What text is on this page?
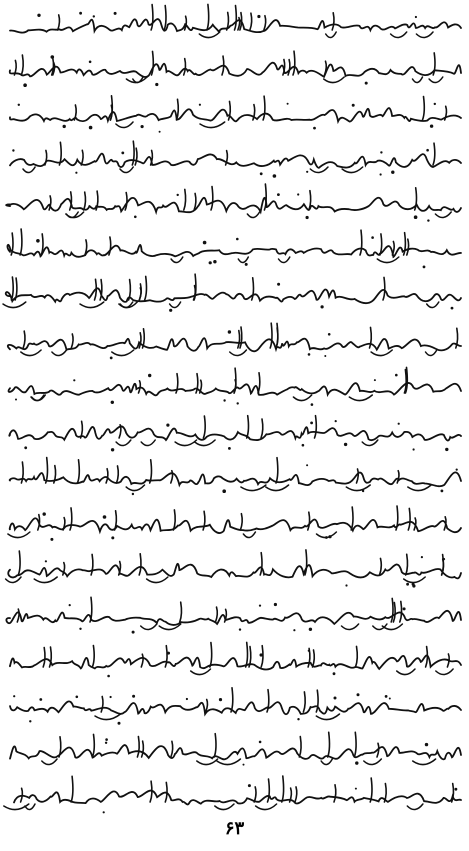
۶۳
